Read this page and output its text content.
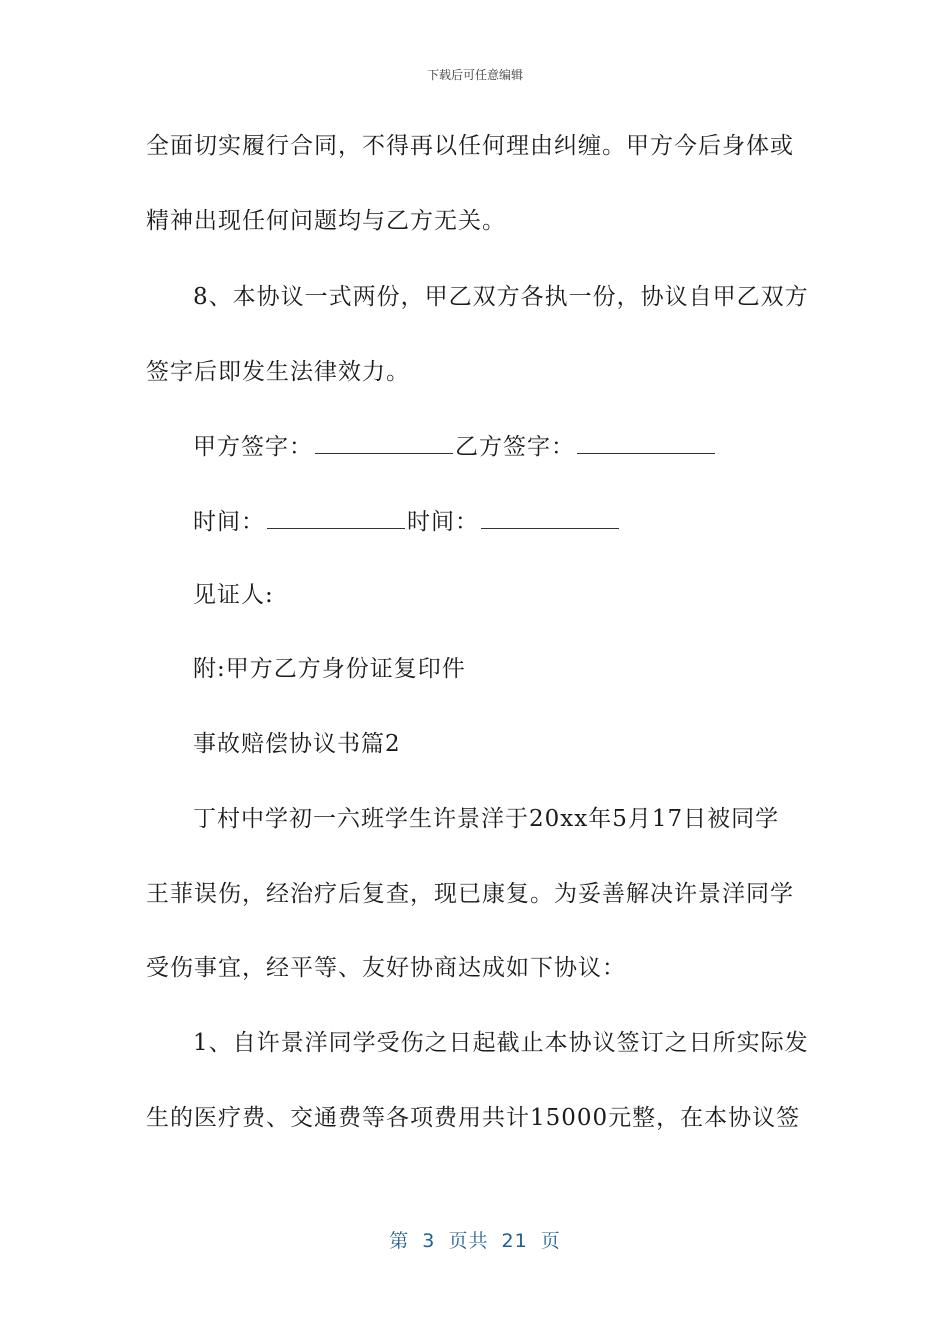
下载后可任意编辑
全面切实履行合同，不得再以任何理由纠缠。甲方今后身体或
精神出现任何问题均与乙方无关。
8、本协议一式两份，甲乙双方各执一份，协议自甲乙双方
签字后即发生法律效力。
甲方签字：	乙方签字：
时间：	时间：
见证人:
附:甲方乙方身份证复印件
事故赔偿协议书篇2
丁村中学初一六班学生许景洋于20xx年5月17日被同学
王菲误伤，经治疗后复查，现已康复。为妥善解决许景洋同学
受伤事宜，经平等、友好协商达成如下协议：
1、自许景洋同学受伤之日起截止本协议签订之日所实际发
生的医疗费、交通费等各项费用共计15000元整，在本协议签
第 3 页共 21 页
